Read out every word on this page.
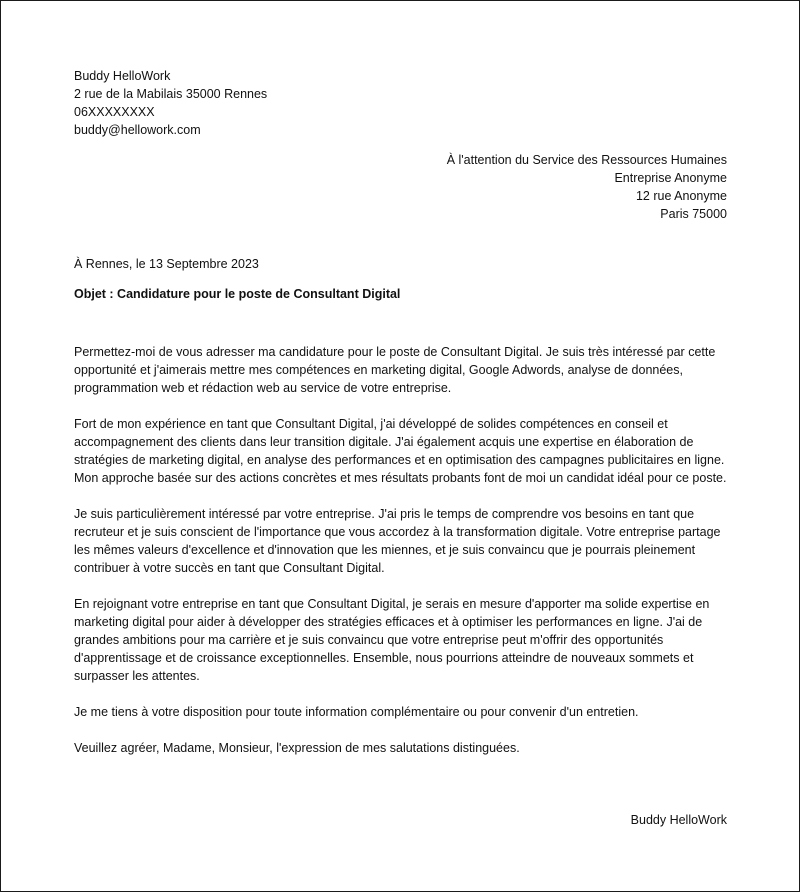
Buddy HelloWork
2 rue de la Mabilais 35000 Rennes
06XXXXXXXX
buddy@hellowork.com
À l'attention du Service des Ressources Humaines
Entreprise Anonyme
12 rue Anonyme
Paris 75000
À Rennes, le 13 Septembre 2023
Objet : Candidature pour le poste de Consultant Digital

Permettez-moi de vous adresser ma candidature pour le poste de Consultant Digital. Je suis très intéressé par cette opportunité et j'aimerais mettre mes compétences en marketing digital, Google Adwords, analyse de données, programmation web et rédaction web au service de votre entreprise.

Fort de mon expérience en tant que Consultant Digital, j'ai développé de solides compétences en conseil et accompagnement des clients dans leur transition digitale. J'ai également acquis une expertise en élaboration de stratégies de marketing digital, en analyse des performances et en optimisation des campagnes publicitaires en ligne. Mon approche basée sur des actions concrètes et mes résultats probants font de moi un candidat idéal pour ce poste.

Je suis particulièrement intéressé par votre entreprise. J'ai pris le temps de comprendre vos besoins en tant que recruteur et je suis conscient de l'importance que vous accordez à la transformation digitale. Votre entreprise partage les mêmes valeurs d'excellence et d'innovation que les miennes, et je suis convaincu que je pourrais pleinement contribuer à votre succès en tant que Consultant Digital.

En rejoignant votre entreprise en tant que Consultant Digital, je serais en mesure d'apporter ma solide expertise en marketing digital pour aider à développer des stratégies efficaces et à optimiser les performances en ligne. J'ai de grandes ambitions pour ma carrière et je suis convaincu que votre entreprise peut m'offrir des opportunités d'apprentissage et de croissance exceptionnelles. Ensemble, nous pourrions atteindre de nouveaux sommets et surpasser les attentes.

Je me tiens à votre disposition pour toute information complémentaire ou pour convenir d'un entretien.

Veuillez agréer, Madame, Monsieur, l'expression de mes salutations distinguées.

Buddy HelloWork
